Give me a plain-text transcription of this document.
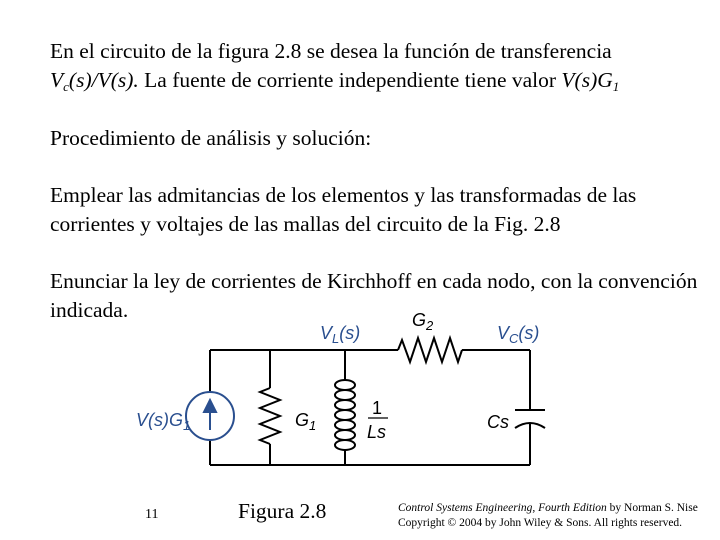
En el circuito de la figura 2.8 se desea la función de transferencia
$V_c(s)/V(s)$. La fuente de corriente independiente tiene valor $V(s)G_1$
Procedimiento de análisis y solución:
Emplear las admitancias de los elementos y las transformadas de las corrientes y voltajes de las mallas del circuito de la Fig. 2.8
Enunciar la ley de corrientes de Kirchhoff en cada nodo, con la convención indicada.
$V_L(s)$	$V_C(s)$
$G_2$
$V(s)G_1$	$G_1$
1
Ls	Cs
11	Figura 2.8	Control Systems Engineering, Fourth Edition by Norman S. Nise
Copyright © 2004 by John Wiley & Sons. All rights reserved.
